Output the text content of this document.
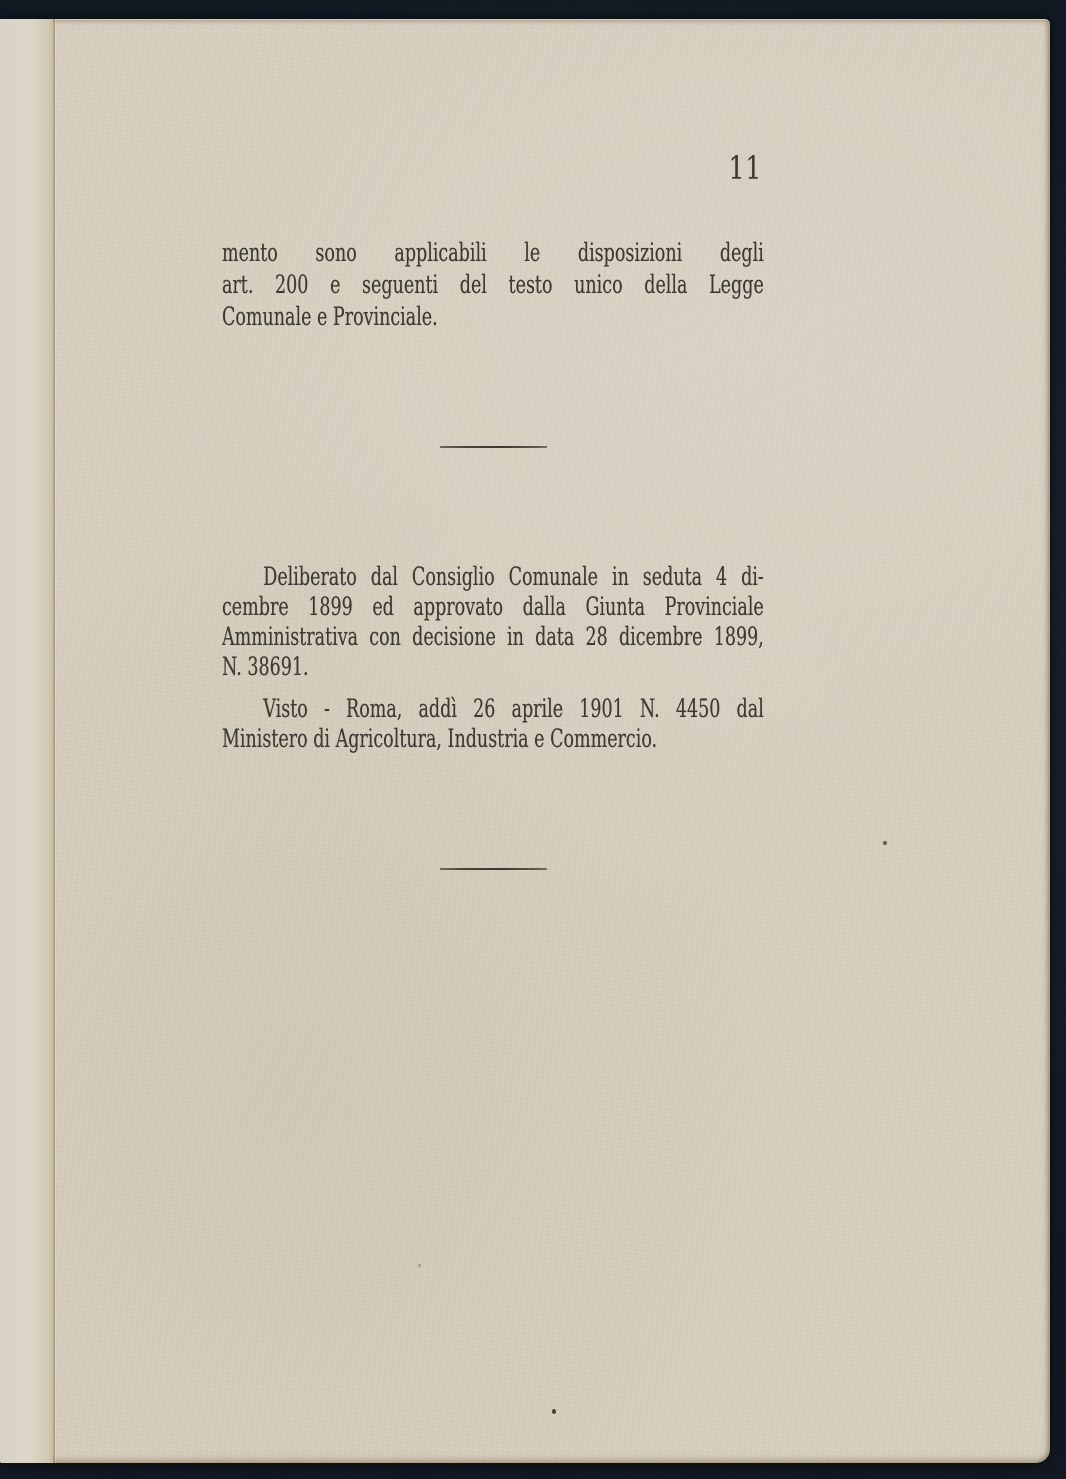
11
mento sono applicabili le disposizioni degli
art. 200 e seguenti del testo unico della Legge
Comunale e Provinciale.
Deliberato dal Consiglio Comunale in seduta 4 di-
cembre 1899 ed approvato dalla Giunta Provinciale
Amministrativa con decisione in data 28 dicembre 1899,
N. 38691.
Visto - Roma, addì 26 aprile 1901 N. 4450 dal
Ministero di Agricoltura, Industria e Commercio.
